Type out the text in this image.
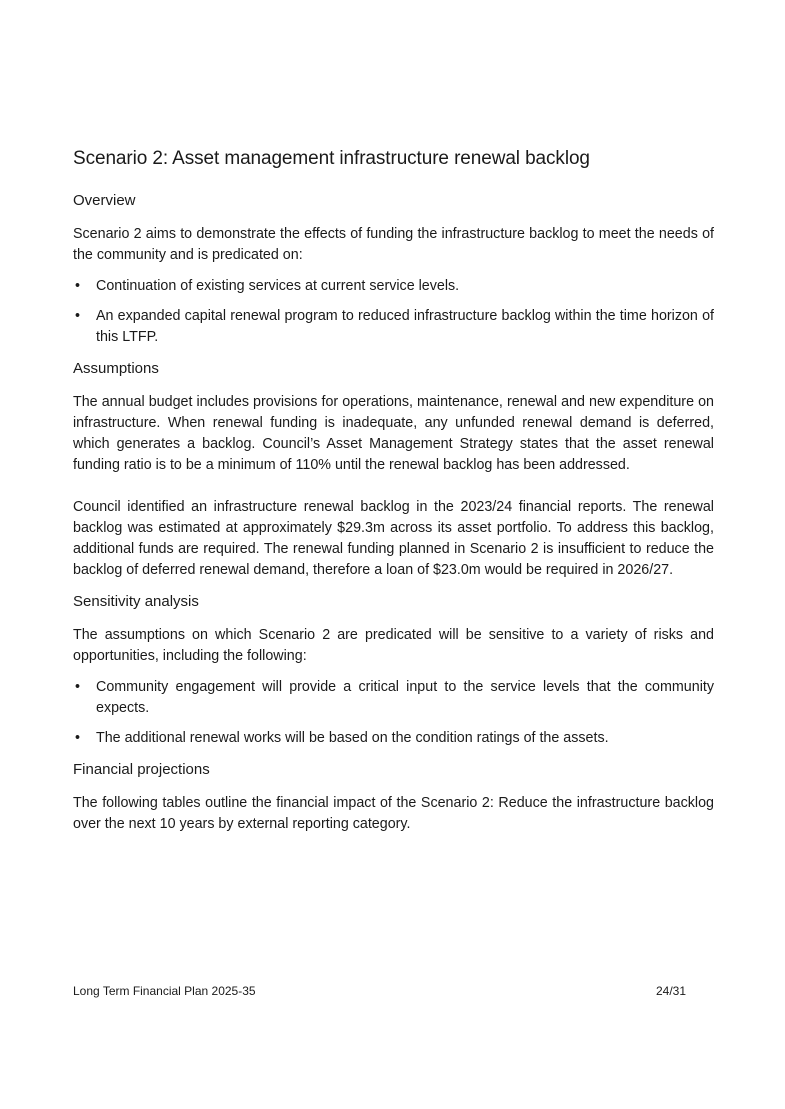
Scenario 2: Asset management infrastructure renewal backlog
Overview

Scenario 2 aims to demonstrate the effects of funding the infrastructure backlog to meet the needs of the community and is predicated on:

• Continuation of existing services at current service levels.
• An expanded capital renewal program to reduced infrastructure backlog within the time horizon of this LTFP.
Assumptions

The annual budget includes provisions for operations, maintenance, renewal and new expenditure on infrastructure. When renewal funding is inadequate, any unfunded renewal demand is deferred, which generates a backlog. Council’s Asset Management Strategy states that the asset renewal funding ratio is to be a minimum of 110% until the renewal backlog has been addressed.

Council identified an infrastructure renewal backlog in the 2023/24 financial reports. The renewal backlog was estimated at approximately $29.3m across its asset portfolio. To address this backlog, additional funds are required. The renewal funding planned in Scenario 2 is insufficient to reduce the backlog of deferred renewal demand, therefore a loan of $23.0m would be required in 2026/27.

Sensitivity analysis

The assumptions on which Scenario 2 are predicated will be sensitive to a variety of risks and opportunities, including the following:

• Community engagement will provide a critical input to the service levels that the community expects.
• The additional renewal works will be based on the condition ratings of the assets.
Financial projections

The following tables outline the financial impact of the Scenario 2: Reduce the infrastructure backlog over the next 10 years by external reporting category.

Long Term Financial Plan 2025-35	24/31
